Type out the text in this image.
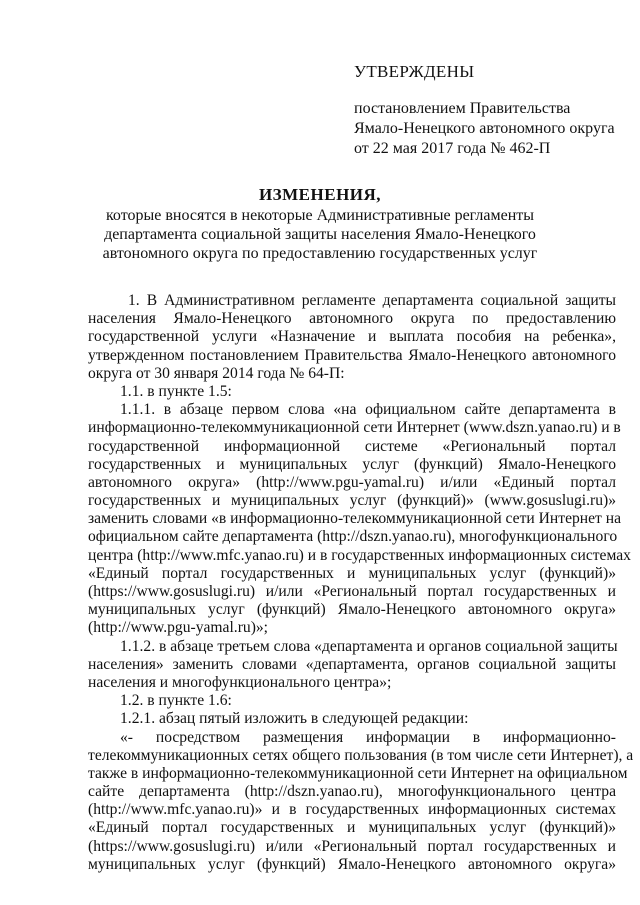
УТВЕРЖДЕНЫ
постановлением Правительства
Ямало-Ненецкого автономного округа
от 22 мая 2017 года № 462-П
ИЗМЕНЕНИЯ,
которые вносятся в некоторые Административные регламенты
департамента социальной защиты населения Ямало-Ненецкого
автономного округа по предоставлению государственных услуг
1. В Административном регламенте департамента социальной защиты
населения Ямало-Ненецкого автономного округа по предоставлению
государственной услуги «Назначение и выплата пособия на ребенка»,
утвержденном постановлением Правительства Ямало-Ненецкого автономного
округа от 30 января 2014 года № 64-П:
1.1. в пункте 1.5:
1.1.1. в абзаце первом слова «на официальном сайте департамента в
информационно-телекоммуникационной сети Интернет (www.dszn.yanao.ru) и в
государственной информационной системе «Региональный портал
государственных и муниципальных услуг (функций) Ямало-Ненецкого
автономного округа» (http://www.pgu-yamal.ru) и/или «Единый портал
государственных и муниципальных услуг (функций)» (www.gosuslugi.ru)»
заменить словами «в информационно-телекоммуникационной сети Интернет на
официальном сайте департамента (http://dszn.yanao.ru), многофункционального
центра (http://www.mfc.yanao.ru) и в государственных информационных системах
«Единый портал государственных и муниципальных услуг (функций)»
(https://www.gosuslugi.ru) и/или «Региональный портал государственных и
муниципальных услуг (функций) Ямало-Ненецкого автономного округа»
(http://www.pgu-yamal.ru)»;
1.1.2. в абзаце третьем слова «департамента и органов социальной защиты
населения» заменить словами «департамента, органов социальной защиты
населения и многофункционального центра»;
1.2. в пункте 1.6:
1.2.1. абзац пятый изложить в следующей редакции:
«- посредством размещения информации в информационно-
телекоммуникационных сетях общего пользования (в том числе сети Интернет), а
также в информационно-телекоммуникационной сети Интернет на официальном
сайте департамента (http://dszn.yanao.ru), многофункционального центра
(http://www.mfc.yanao.ru)» и в государственных информационных системах
«Единый портал государственных и муниципальных услуг (функций)»
(https://www.gosuslugi.ru) и/или «Региональный портал государственных и
муниципальных услуг (функций) Ямало-Ненецкого автономного округа»
